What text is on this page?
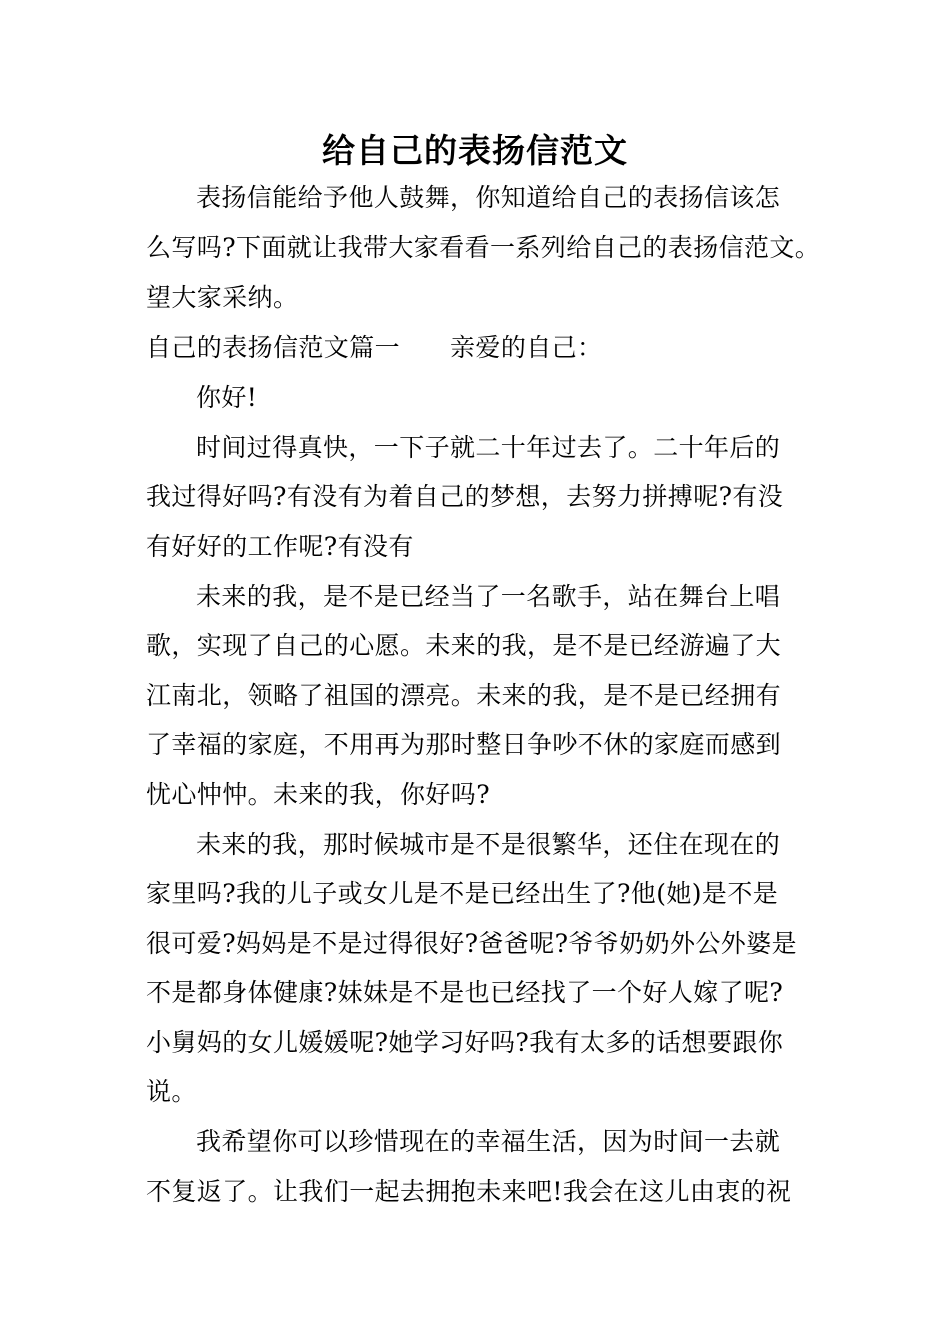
给自己的表扬信范文
表扬信能给予他人鼓舞，你知道给自己的表扬信该怎
么写吗?下面就让我带大家看看一系列给自己的表扬信范文。
望大家采纳。
自己的表扬信范文篇一 亲爱的自己：
你好!
时间过得真快，一下子就二十年过去了。二十年后的
我过得好吗?有没有为着自己的梦想，去努力拼搏呢?有没
有好好的工作呢?有没有
未来的我，是不是已经当了一名歌手，站在舞台上唱
歌，实现了自己的心愿。未来的我，是不是已经游遍了大
江南北，领略了祖国的漂亮。未来的我，是不是已经拥有
了幸福的家庭，不用再为那时整日争吵不休的家庭而感到
忧心忡忡。未来的我，你好吗?
未来的我，那时候城市是不是很繁华，还住在现在的
家里吗?我的儿子或女儿是不是已经出生了?他(她)是不是
很可爱?妈妈是不是过得很好?爸爸呢?爷爷奶奶外公外婆是
不是都身体健康?妹妹是不是也已经找了一个好人嫁了呢?
小舅妈的女儿媛媛呢?她学习好吗?我有太多的话想要跟你
说。
我希望你可以珍惜现在的幸福生活，因为时间一去就
不复返了。让我们一起去拥抱未来吧!我会在这儿由衷的祝
